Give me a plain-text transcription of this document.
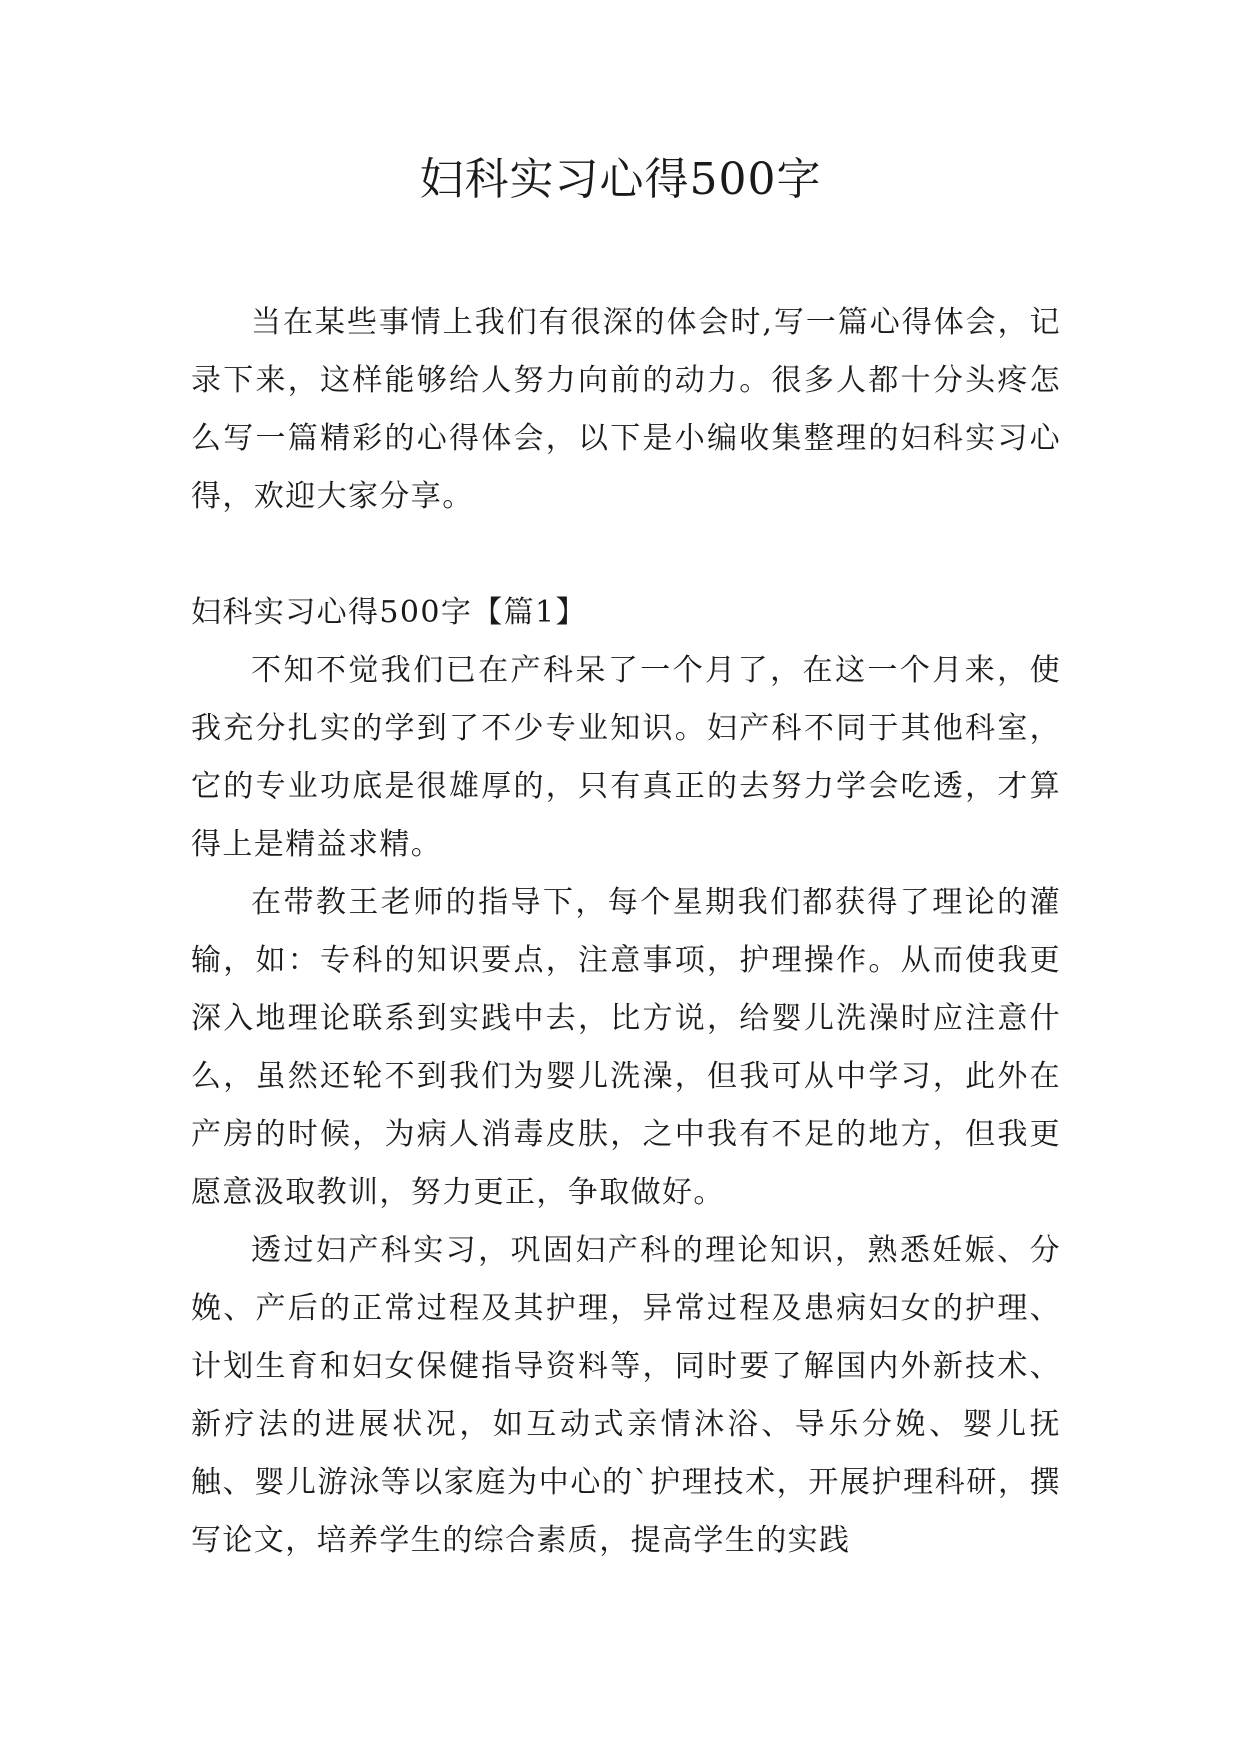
妇科实习心得500字

当在某些事情上我们有很深的体会时,写一篇心得体会，记录下来，这样能够给人努力向前的动力。很多人都十分头疼怎么写一篇精彩的心得体会，以下是小编收集整理的妇科实习心得，欢迎大家分享。

妇科实习心得500字【篇1】

不知不觉我们已在产科呆了一个月了，在这一个月来，使我充分扎实的学到了不少专业知识。妇产科不同于其他科室，它的专业功底是很雄厚的，只有真正的去努力学会吃透，才算得上是精益求精。

在带教王老师的指导下，每个星期我们都获得了理论的灌输，如：专科的知识要点，注意事项，护理操作。从而使我更深入地理论联系到实践中去，比方说，给婴儿洗澡时应注意什么，虽然还轮不到我们为婴儿洗澡，但我可从中学习，此外在产房的时候，为病人消毒皮肤，之中我有不足的地方，但我更愿意汲取教训，努力更正，争取做好。

透过妇产科实习，巩固妇产科的理论知识，熟悉妊娠、分娩、产后的正常过程及其护理，异常过程及患病妇女的护理、计划生育和妇女保健指导资料等，同时要了解国内外新技术、新疗法的进展状况，如互动式亲情沐浴、导乐分娩、婴儿抚触、婴儿游泳等以家庭为中心的`护理技术，开展护理科研，撰写论文，培养学生的综合素质，提高学生的实践
